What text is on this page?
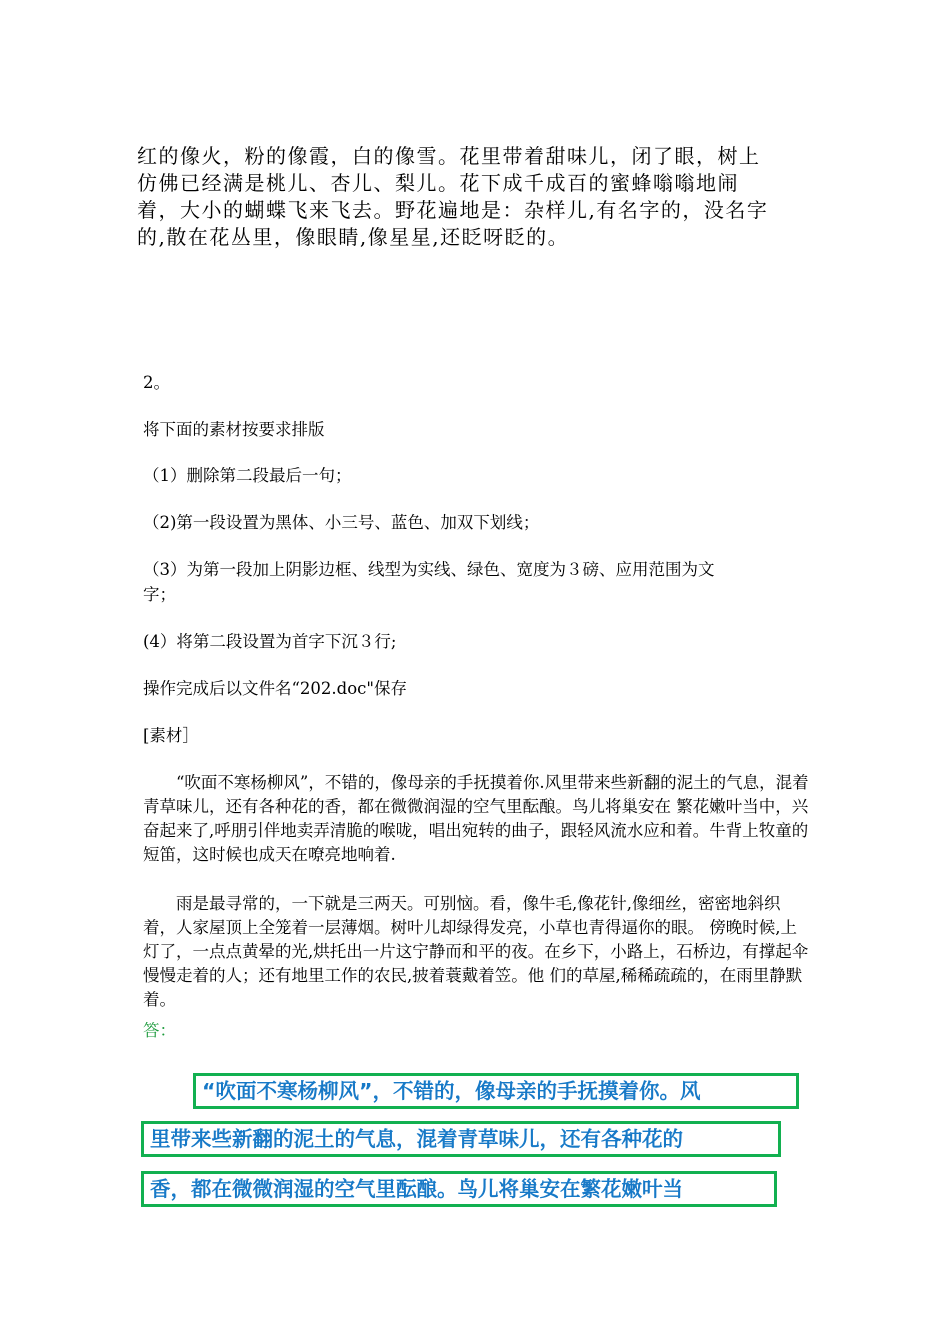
红的像火，粉的像霞，白的像雪。花里带着甜味儿，闭了眼，树上

仿佛已经满是桃儿、杏儿、梨儿。花下成千成百的蜜蜂嗡嗡地闹

着，大小的蝴蝶飞来飞去。野花遍地是：杂样儿,有名字的，没名字

的,散在花丛里，像眼睛,像星星,还眨呀眨的。

2。
将下面的素材按要求排版
（1）删除第二段最后一句；
（2)第一段设置为黑体、小三号、蓝色、加双下划线；
（3）为第一段加上阴影边框、线型为实线、绿色、宽度为３磅、应用范围为文
字；
(4）将第二段设置为首字下沉３行;
操作完成后以文件名“202.doc"保存
[素材］

“吹面不寒杨柳风”，不错的，像母亲的手抚摸着你.风里带来些新翻的泥土的气息，混着青草味儿，还有各种花的香，都在微微润湿的空气里酝酿。鸟儿将巢安在 繁花嫩叶当中，兴奋起来了,呼朋引伴地卖弄清脆的喉咙，唱出宛转的曲子，跟轻风流水应和着。牛背上牧童的短笛，这时候也成天在嘹亮地响着.

雨是最寻常的，一下就是三两天。可别恼。看，像牛毛,像花针,像细丝，密密地斜织着，人家屋顶上全笼着一层薄烟。树叶儿却绿得发亮，小草也青得逼你的眼。 傍晚时候,上灯了，一点点黄晕的光,烘托出一片这宁静而和平的夜。在乡下，小路上，石桥边，有撑起伞慢慢走着的人；还有地里工作的农民,披着蓑戴着笠。他 们的草屋,稀稀疏疏的，在雨里静默着。

答：
“吹面不寒杨柳风”，不错的，像母亲的手抚摸着你。风
里带来些新翻的泥土的气息，混着青草味儿，还有各种花的
香，都在微微润湿的空气里酝酿。鸟儿将巢安在繁花嫩叶当
